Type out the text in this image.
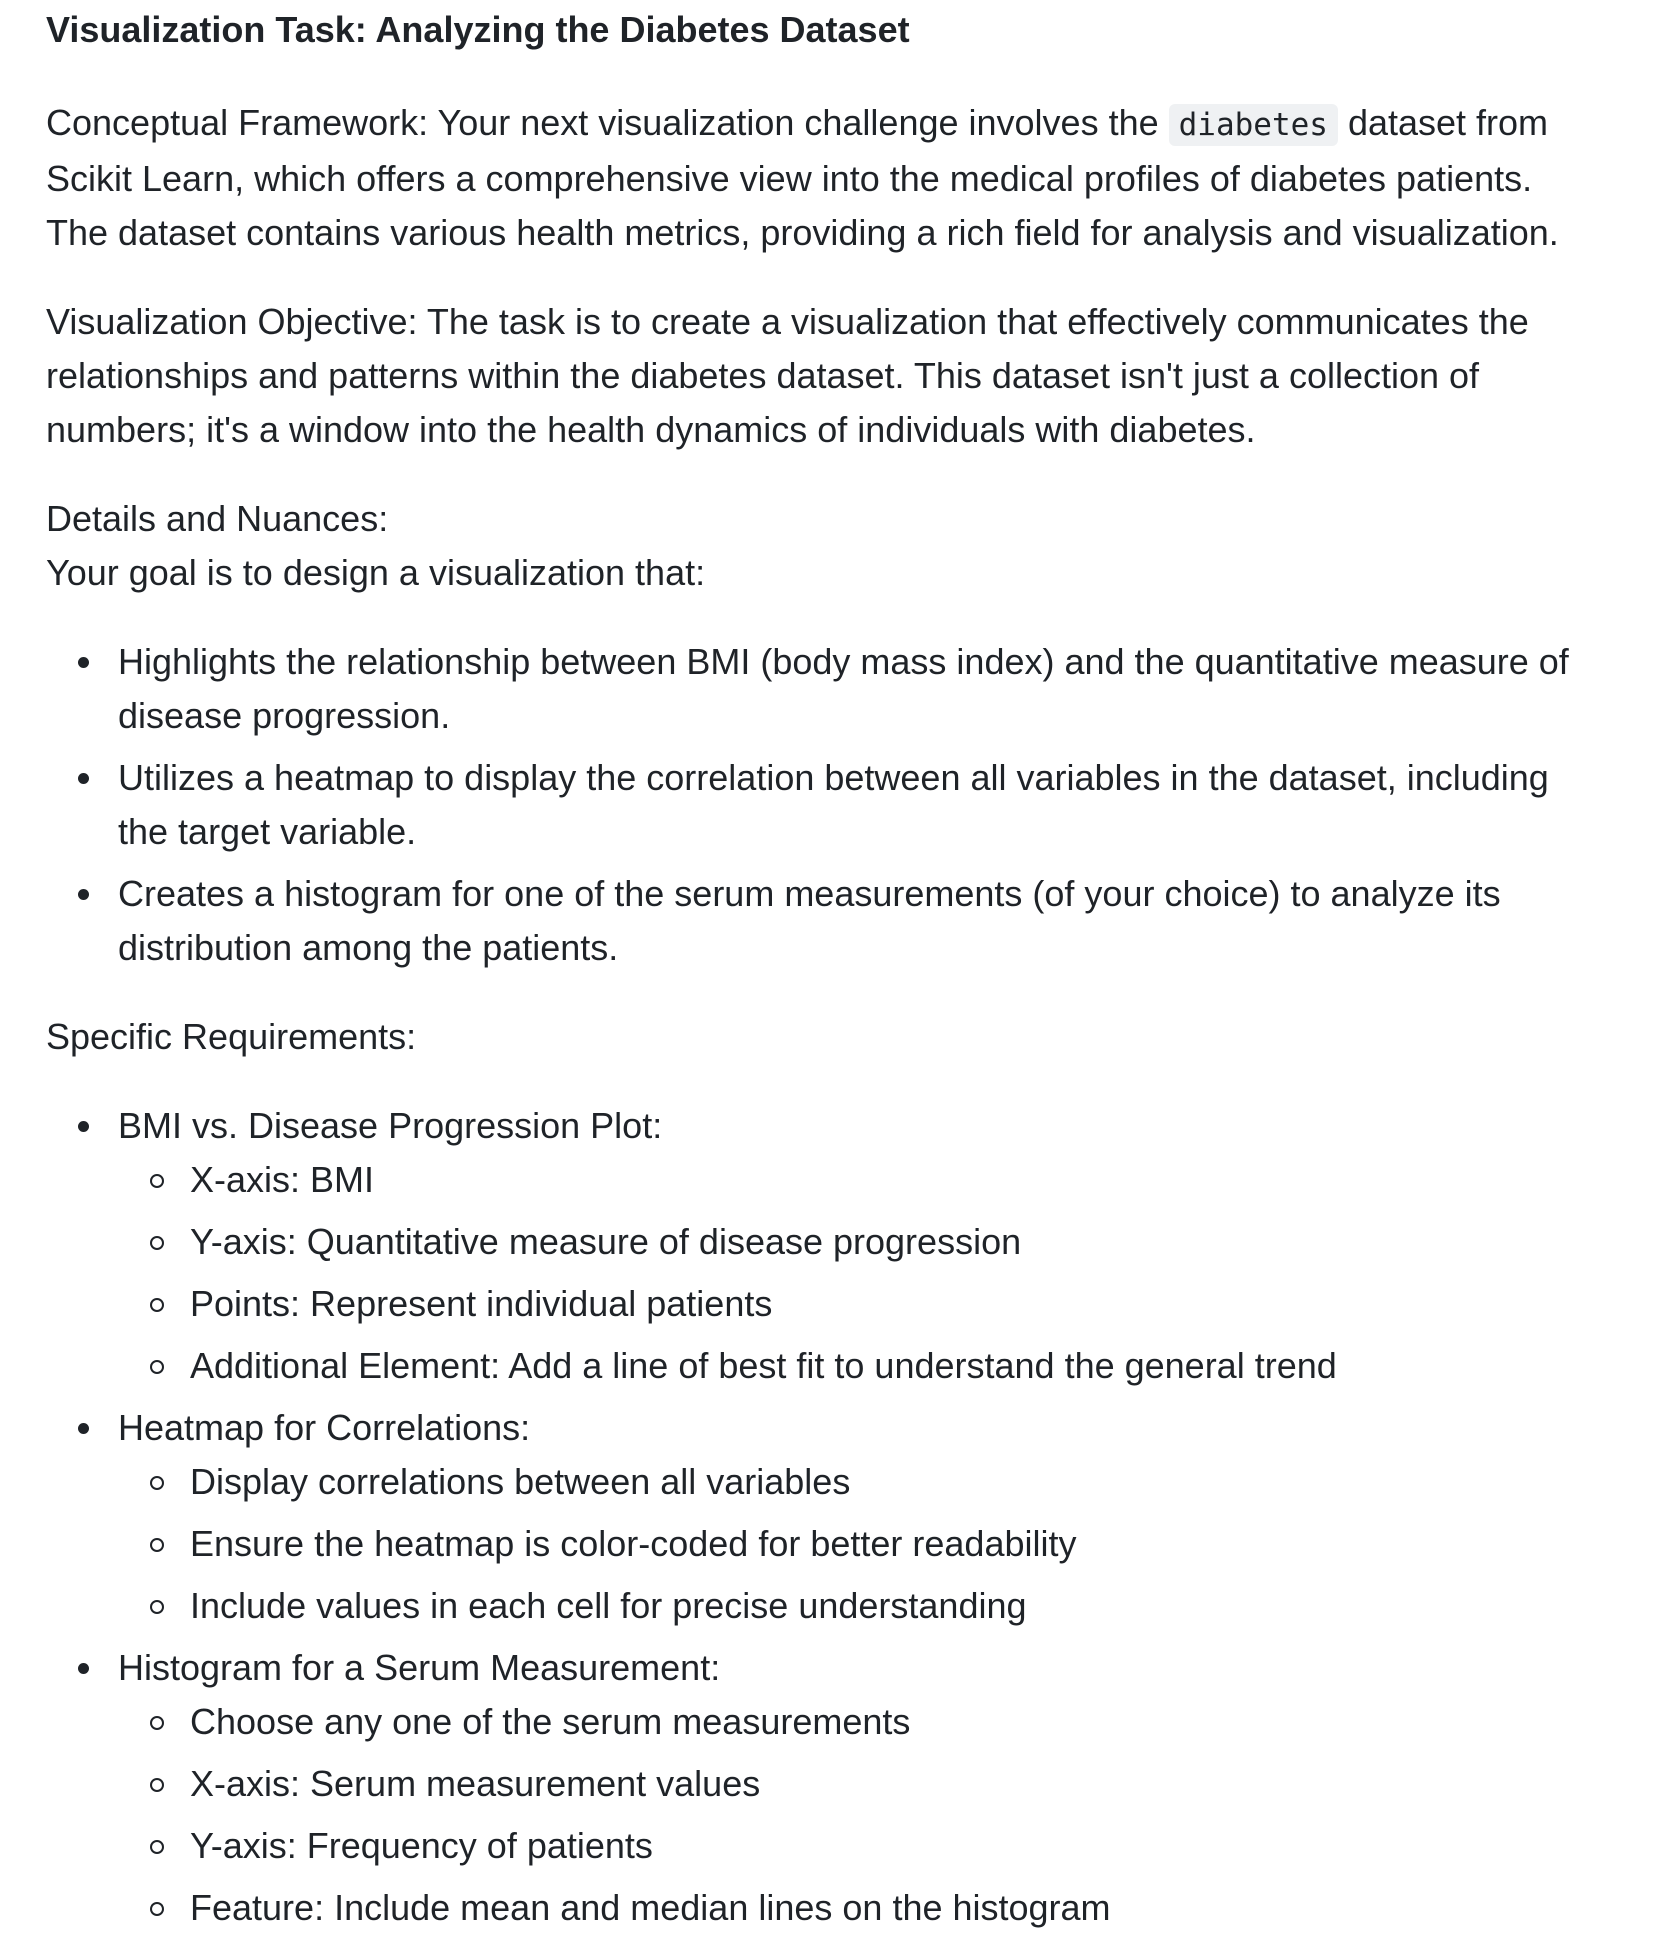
Visualization Task: Analyzing the Diabetes Dataset

Conceptual Framework: Your next visualization challenge involves the diabetes dataset from Scikit Learn, which offers a comprehensive view into the medical profiles of diabetes patients. The dataset contains various health metrics, providing a rich field for analysis and visualization.

Visualization Objective: The task is to create a visualization that effectively communicates the relationships and patterns within the diabetes dataset. This dataset isn't just a collection of numbers; it's a window into the health dynamics of individuals with diabetes.

Details and Nuances:
Your goal is to design a visualization that:

Highlights the relationship between BMI (body mass index) and the quantitative measure of disease progression.
Utilizes a heatmap to display the correlation between all variables in the dataset, including the target variable.
Creates a histogram for one of the serum measurements (of your choice) to analyze its distribution among the patients.

Specific Requirements:

BMI vs. Disease Progression Plot:
X-axis: BMI
Y-axis: Quantitative measure of disease progression
Points: Represent individual patients
Additional Element: Add a line of best fit to understand the general trend
Heatmap for Correlations:
Display correlations between all variables
Ensure the heatmap is color-coded for better readability
Include values in each cell for precise understanding
Histogram for a Serum Measurement:
Choose any one of the serum measurements
X-axis: Serum measurement values
Y-axis: Frequency of patients
Feature: Include mean and median lines on the histogram
